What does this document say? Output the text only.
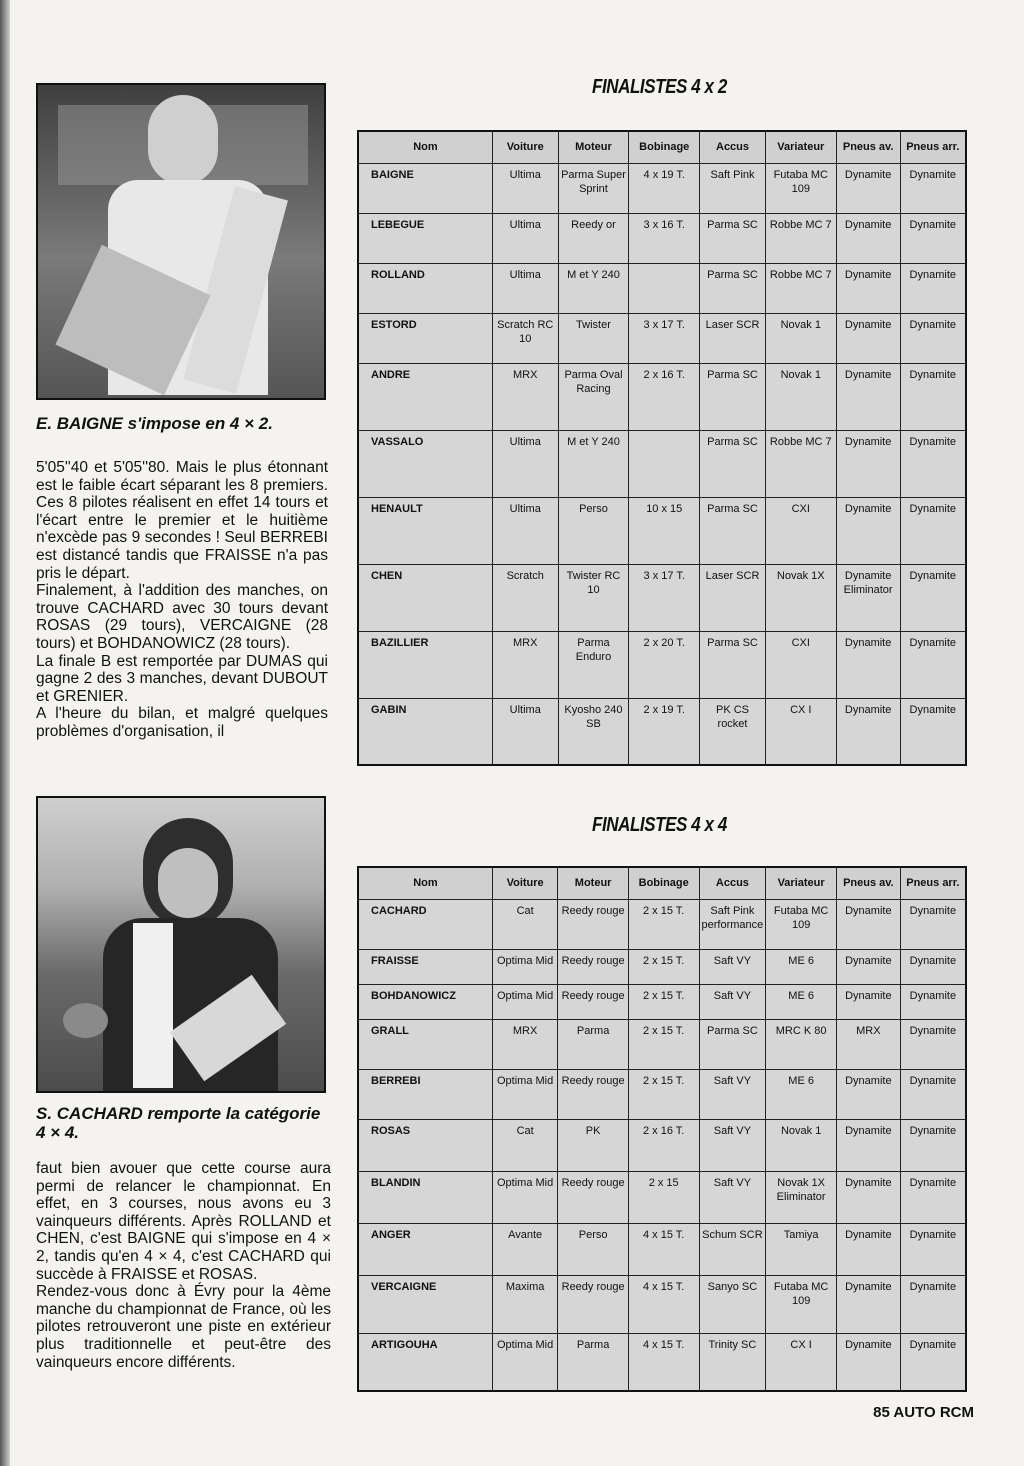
E. BAIGNE s'impose en 4 × 2.

5'05''40 et 5'05''80. Mais le plus étonnant est le faible écart séparant les 8 premiers. Ces 8 pilotes réalisent en effet 14 tours et l'écart entre le premier et le huitième n'excède pas 9 secondes ! Seul BERREBI est distancé tandis que FRAISSE n'a pas pris le départ.

Finalement, à l'addition des manches, on trouve CACHARD avec 30 tours devant ROSAS (29 tours), VERCAIGNE (28 tours) et BOHDANOWICZ (28 tours).

La finale B est remportée par DUMAS qui gagne 2 des 3 manches, devant DUBOUT et GRENIER.

A l'heure du bilan, et malgré quelques problèmes d'organisation, il

S. CACHARD remporte la catégorie 4 × 4.

faut bien avouer que cette course aura permi de relancer le championnat. En effet, en 3 courses, nous avons eu 3 vainqueurs différents. Après ROLLAND et CHEN, c'est BAIGNE qui s'impose en 4 × 2, tandis qu'en 4 × 4, c'est CACHARD qui succède à FRAISSE et ROSAS.

Rendez-vous donc à Évry pour la 4ème manche du championnat de France, où les pilotes retrouveront une piste en extérieur plus traditionnelle et peut-être des vainqueurs encore différents.

FINALISTES 4 x 2
Nom	Voiture	Moteur	Bobinage	Accus	Variateur	Pneus av.	Pneus arr.
BAIGNE	Ultima	Parma Super Sprint	4 x 19 T.	Saft Pink	Futaba MC 109	Dynamite	Dynamite
LEBEGUE	Ultima	Reedy or	3 x 16 T.	Parma SC	Robbe MC 7	Dynamite	Dynamite
ROLLAND	Ultima	M et Y 240		Parma SC	Robbe MC 7	Dynamite	Dynamite
ESTORD	Scratch RC 10	Twister	3 x 17 T.	Laser SCR	Novak 1	Dynamite	Dynamite
ANDRE	MRX	Parma Oval Racing	2 x 16 T.	Parma SC	Novak 1	Dynamite	Dynamite
VASSALO	Ultima	M et Y 240		Parma SC	Robbe MC 7	Dynamite	Dynamite
HENAULT	Ultima	Perso	10 x 15	Parma SC	CXI	Dynamite	Dynamite
CHEN	Scratch	Twister RC 10	3 x 17 T.	Laser SCR	Novak 1X	Dynamite Eliminator	Dynamite
BAZILLIER	MRX	Parma Enduro	2 x 20 T.	Parma SC	CXI	Dynamite	Dynamite
GABIN	Ultima	Kyosho 240 SB	2 x 19 T.	PK CS rocket	CX I	Dynamite	Dynamite
FINALISTES 4 x 4
Nom	Voiture	Moteur	Bobinage	Accus	Variateur	Pneus av.	Pneus arr.
CACHARD	Cat	Reedy rouge	2 x 15 T.	Saft Pink performance	Futaba MC 109	Dynamite	Dynamite
FRAISSE	Optima Mid	Reedy rouge	2 x 15 T.	Saft VY	ME 6	Dynamite	Dynamite
BOHDANOWICZ	Optima Mid	Reedy rouge	2 x 15 T.	Saft VY	ME 6	Dynamite	Dynamite
GRALL	MRX	Parma	2 x 15 T.	Parma SC	MRC K 80	MRX	Dynamite
BERREBI	Optima Mid	Reedy rouge	2 x 15 T.	Saft VY	ME 6	Dynamite	Dynamite
ROSAS	Cat	PK	2 x 16 T.	Saft VY	Novak 1	Dynamite	Dynamite
BLANDIN	Optima Mid	Reedy rouge	2 x 15	Saft VY	Novak 1X Eliminator	Dynamite	Dynamite
ANGER	Avante	Perso	4 x 15 T.	Schum SCR	Tamiya	Dynamite	Dynamite
VERCAIGNE	Maxima	Reedy rouge	4 x 15 T.	Sanyo SC	Futaba MC 109	Dynamite	Dynamite
ARTIGOUHA	Optima Mid	Parma	4 x 15 T.	Trinity SC	CX I	Dynamite	Dynamite
85 AUTO RCM
